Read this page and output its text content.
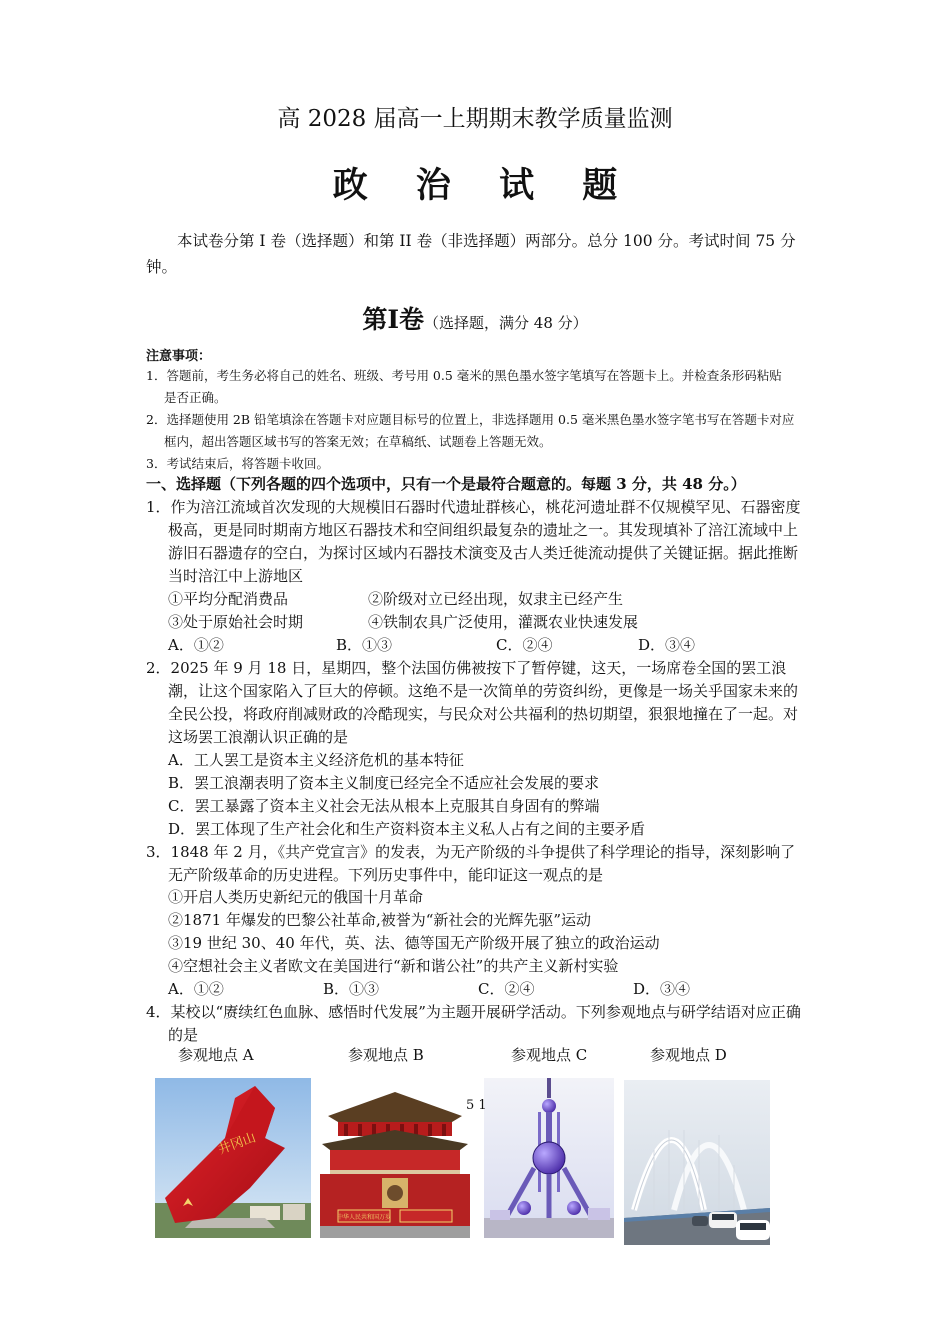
高 2028 届高一上期期末教学质量监测
政 治 试 题
本试卷分第 I 卷（选择题）和第 II 卷（非选择题）两部分。总分 100 分。考试时间 75 分钟。
第Ⅰ卷（选择题，满分 48 分）
注意事项：
1．答题前，考生务必将自己的姓名、班级、考号用 0.5 毫米的黑色墨水签字笔填写在答题卡上。并检查条形码粘贴
是否正确。
2．选择题使用 2B 铅笔填涂在答题卡对应题目标号的位置上，非选择题用 0.5 毫米黑色墨水签字笔书写在答题卡对应
框内，超出答题区域书写的答案无效；在草稿纸、试题卷上答题无效。
3．考试结束后，将答题卡收回。
一、选择题（下列各题的四个选项中，只有一个是最符合题意的。每题 3 分，共 48 分。）
1．作为涪江流域首次发现的大规模旧石器时代遗址群核心，桃花河遗址群不仅规模罕见、石器密度极高，更是同时期南方地区石器技术和空间组织最复杂的遗址之一。其发现填补了涪江流域中上游旧石器遗存的空白，为探讨区域内石器技术演变及古人类迁徙流动提供了关键证据。据此推断当时涪江中上游地区
①平均分配消费品	②阶级对立已经出现，奴隶主已经产生
③处于原始社会时期	④铁制农具广泛使用，灌溉农业快速发展
A．①②	B．①③	C．②④	D．③④
2．2025 年 9 月 18 日，星期四，整个法国仿佛被按下了暂停键，这天，一场席卷全国的罢工浪潮，让这个国家陷入了巨大的停顿。这绝不是一次简单的劳资纠纷，更像是一场关乎国家未来的全民公投，将政府削减财政的冷酷现实，与民众对公共福利的热切期望，狠狠地撞在了一起。对这场罢工浪潮认识正确的是
A．工人罢工是资本主义经济危机的基本特征
B．罢工浪潮表明了资本主义制度已经完全不适应社会发展的要求
C．罢工暴露了资本主义社会无法从根本上克服其自身固有的弊端
D．罢工体现了生产社会化和生产资料资本主义私人占有之间的主要矛盾
3．1848 年 2 月，《共产党宣言》的发表，为无产阶级的斗争提供了科学理论的指导，深刻影响了无产阶级革命的历史进程。下列历史事件中，能印证这一观点的是
①开启人类历史新纪元的俄国十月革命
②1871 年爆发的巴黎公社革命,被誉为“新社会的光辉先驱”运动
③19 世纪 30、40 年代，英、法、德等国无产阶级开展了独立的政治运动
④空想社会主义者欧文在美国进行“新和谐公社”的共产主义新村实验
A．①②	B．①③	C．②④	D．③④
4．某校以“赓续红色血脉、感悟时代发展”为主题开展研学活动。下列参观地点与研学结语对应正确的是
参观地点 A	参观地点 B	参观地点 C	参观地点 D
井冈山
中华人民共和国万岁
5 1
